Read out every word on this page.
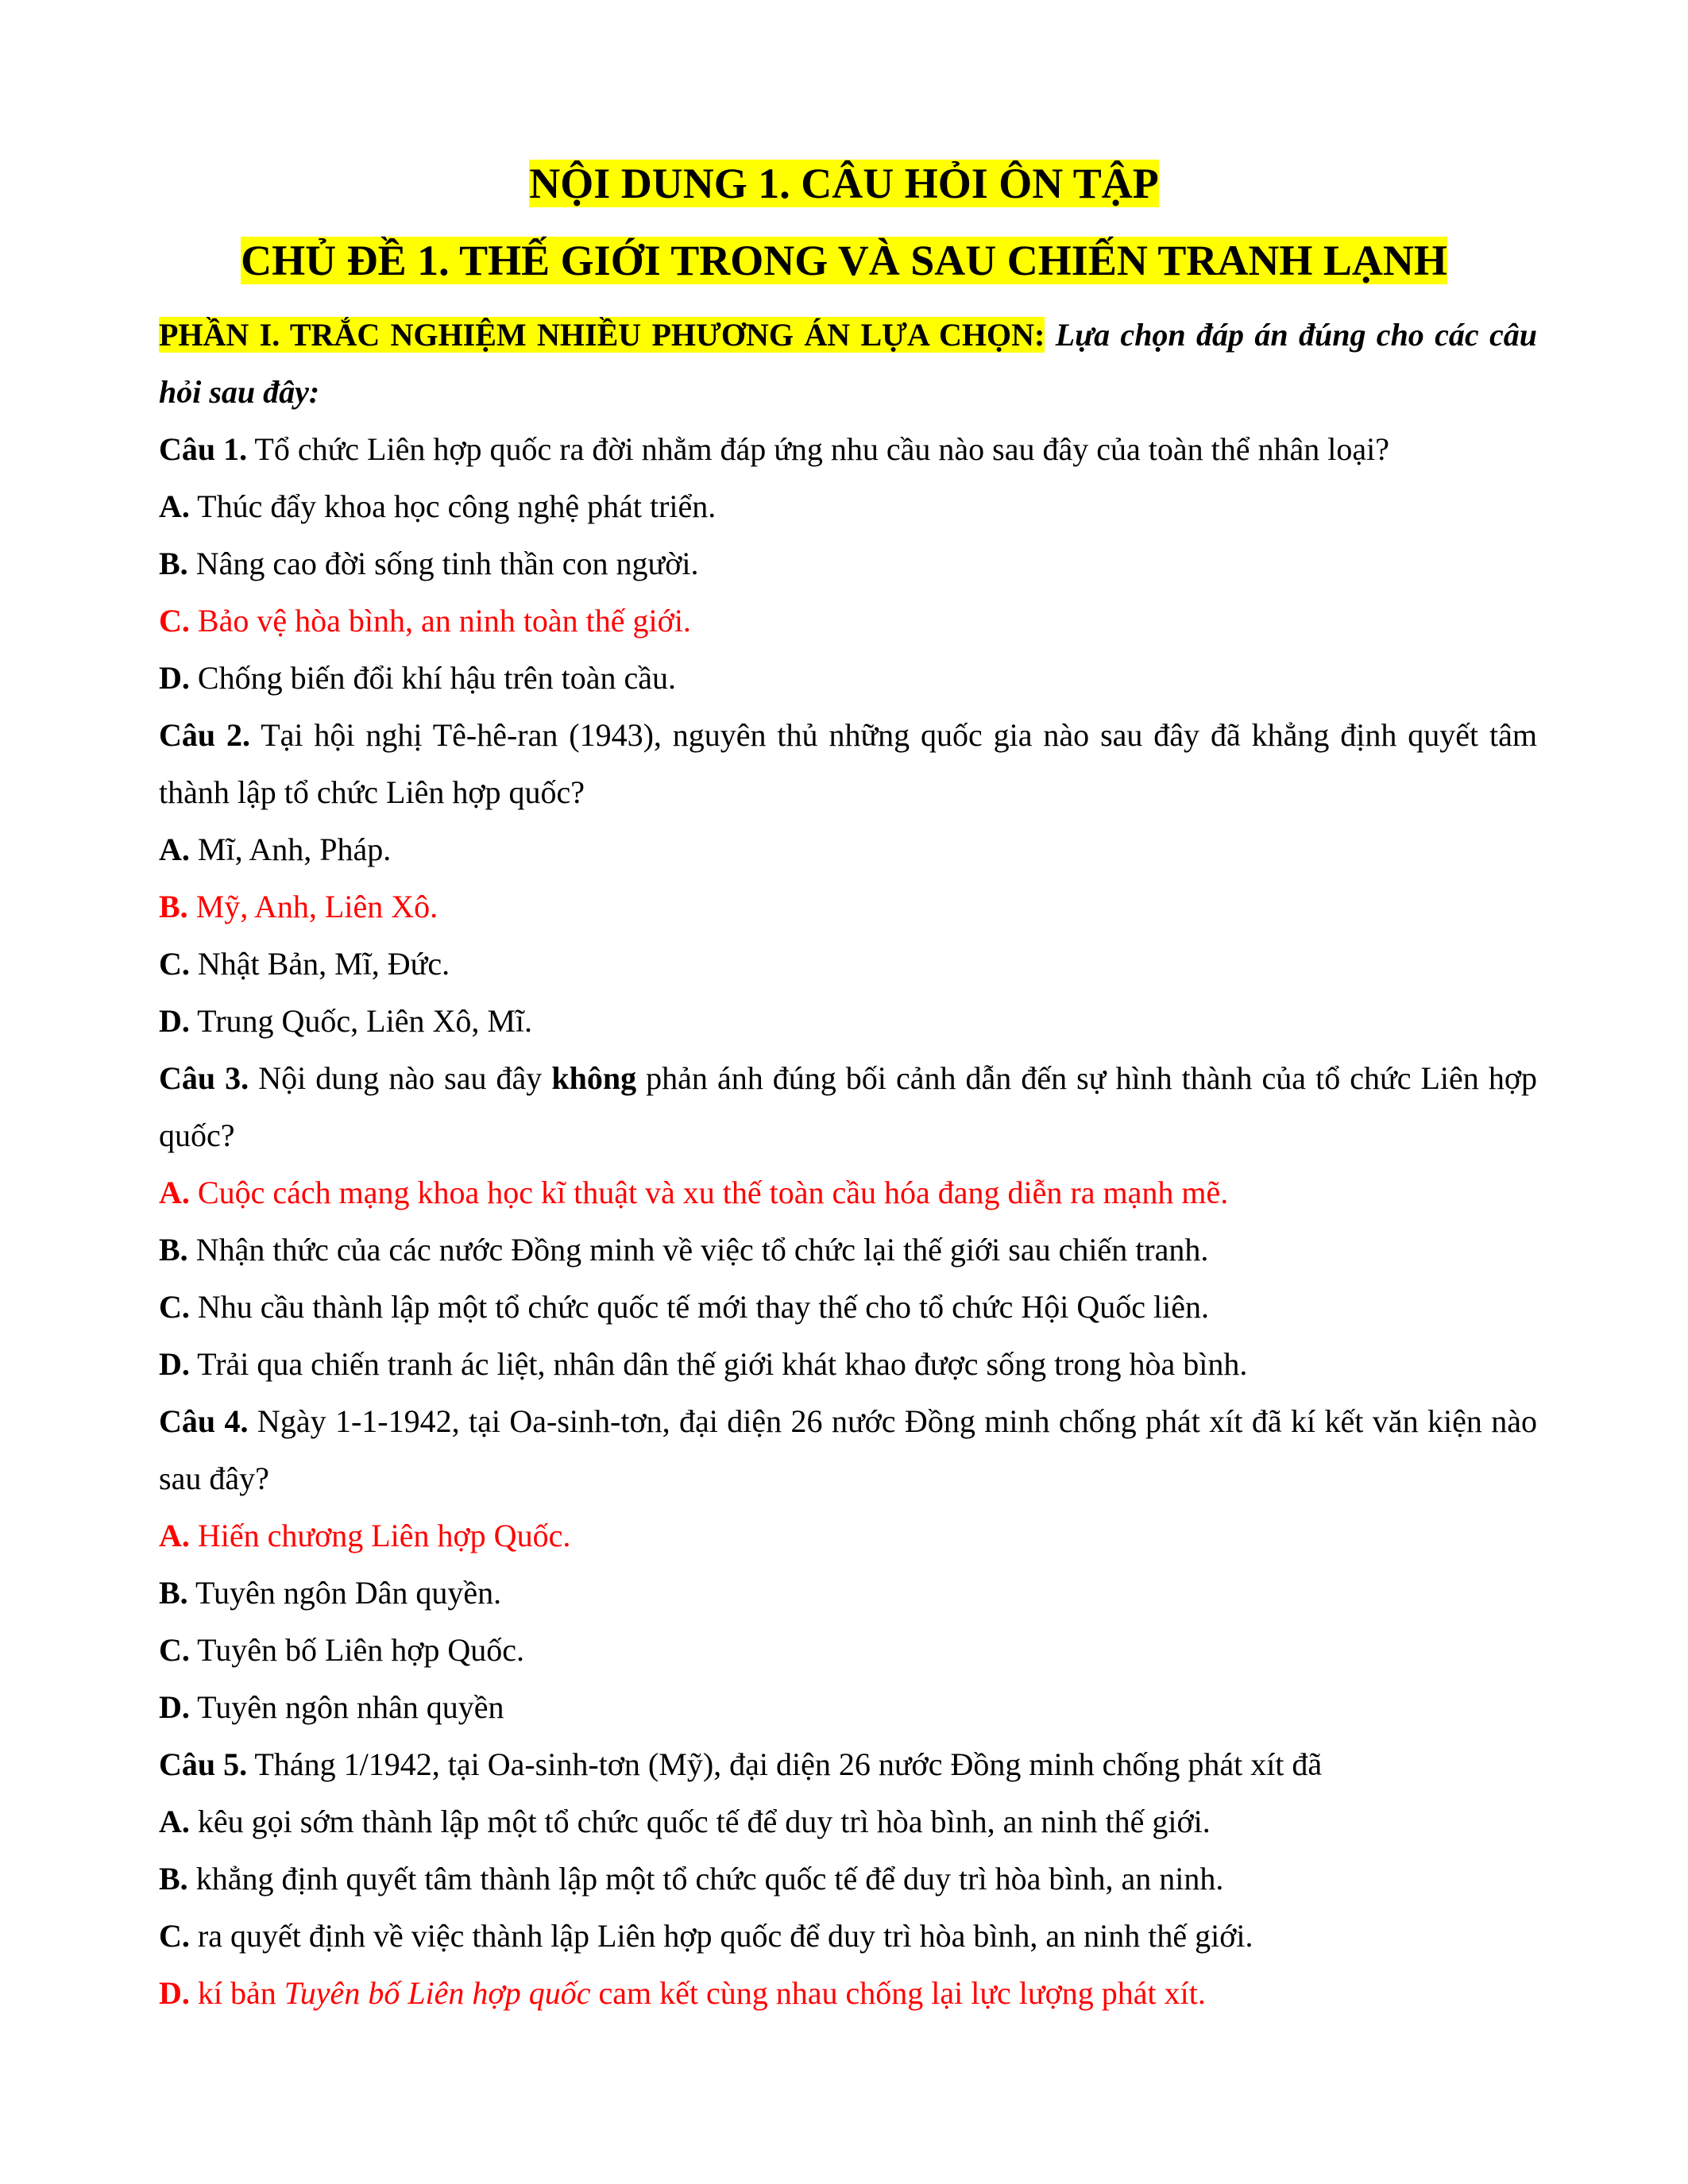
NỘI DUNG 1. CÂU HỎI ÔN TẬP
CHỦ ĐỀ 1. THẾ GIỚI TRONG VÀ SAU CHIẾN TRANH LẠNH

PHẦN I. TRẮC NGHIỆM NHIỀU PHƯƠNG ÁN LỰA CHỌN: Lựa chọn đáp án đúng cho các câu hỏi sau đây:

Câu 1. Tổ chức Liên hợp quốc ra đời nhằm đáp ứng nhu cầu nào sau đây của toàn thể nhân loại?

A. Thúc đẩy khoa học công nghệ phát triển.

B. Nâng cao đời sống tinh thần con người.

C. Bảo vệ hòa bình, an ninh toàn thế giới.

D. Chống biến đổi khí hậu trên toàn cầu.

Câu 2. Tại hội nghị Tê-hê-ran (1943), nguyên thủ những quốc gia nào sau đây đã khẳng định quyết tâm thành lập tổ chức Liên hợp quốc?

A. Mĩ, Anh, Pháp.

B. Mỹ, Anh, Liên Xô.

C. Nhật Bản, Mĩ, Đức.

D. Trung Quốc, Liên Xô, Mĩ.

Câu 3. Nội dung nào sau đây không phản ánh đúng bối cảnh dẫn đến sự hình thành của tổ chức Liên hợp quốc?

A. Cuộc cách mạng khoa học kĩ thuật và xu thế toàn cầu hóa đang diễn ra mạnh mẽ.

B. Nhận thức của các nước Đồng minh về việc tổ chức lại thế giới sau chiến tranh.

C. Nhu cầu thành lập một tổ chức quốc tế mới thay thế cho tổ chức Hội Quốc liên.

D. Trải qua chiến tranh ác liệt, nhân dân thế giới khát khao được sống trong hòa bình.

Câu 4. Ngày 1-1-1942, tại Oa-sinh-tơn, đại diện 26 nước Đồng minh chống phát xít đã kí kết văn kiện nào sau đây?

A. Hiến chương Liên hợp Quốc.

B. Tuyên ngôn Dân quyền.

C. Tuyên bố Liên hợp Quốc.

D. Tuyên ngôn nhân quyền

Câu 5. Tháng 1/1942, tại Oa-sinh-tơn (Mỹ), đại diện 26 nước Đồng minh chống phát xít đã

A. kêu gọi sớm thành lập một tổ chức quốc tế để duy trì hòa bình, an ninh thế giới.

B. khẳng định quyết tâm thành lập một tổ chức quốc tế để duy trì hòa bình, an ninh.

C. ra quyết định về việc thành lập Liên hợp quốc để duy trì hòa bình, an ninh thế giới.

D. kí bản Tuyên bố Liên hợp quốc cam kết cùng nhau chống lại lực lượng phát xít.
